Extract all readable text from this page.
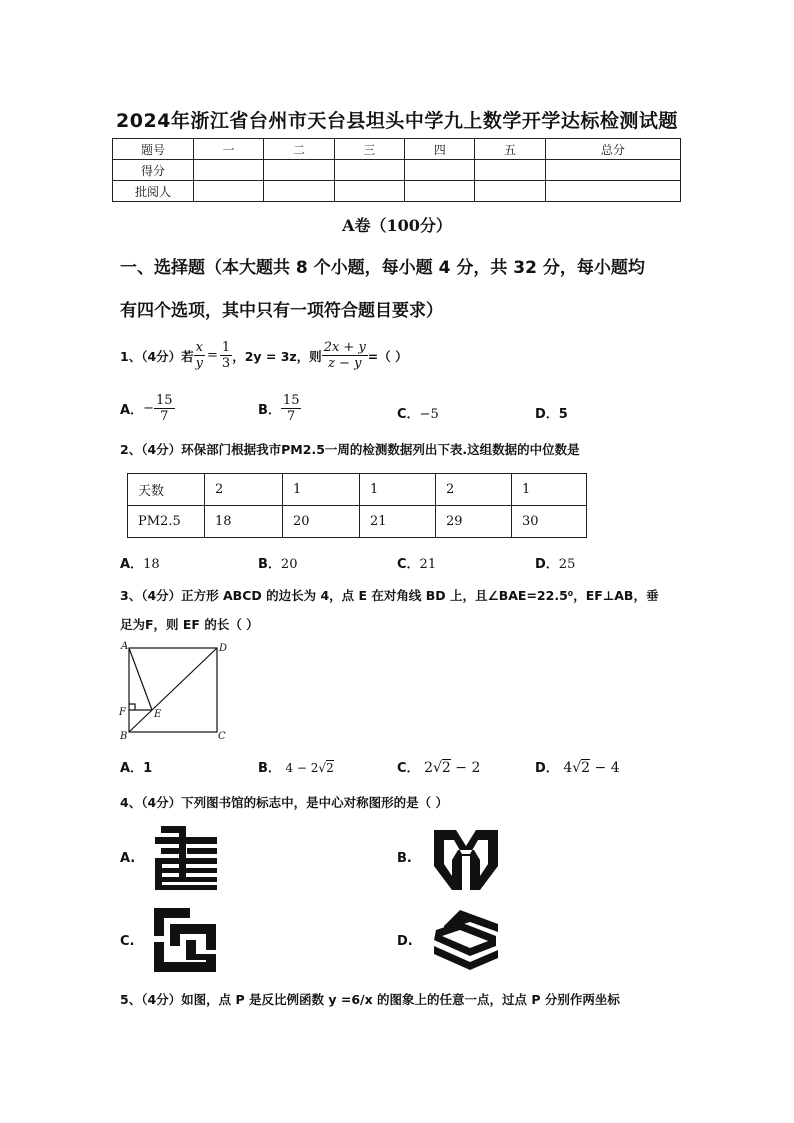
2024年浙江省台州市天台县坦头中学九上数学开学达标检测试题
题号	一	二	三	四	五	总分
得分						
批阅人						
A卷（100分）
一、选择题（本大题共 8 个小题，每小题 4 分，共 32 分，每小题均
有四个选项，其中只有一项符合题目要求）
1、（4分）若 $\frac{x}{y} = \frac{1}{3}$ ，2y = 3z，则 $\frac{2x + y}{z - y}$ =（ ）
A． − $\frac{15}{7}$	B． $\frac{15}{7}$	C．−5	D．5
2、（4分）环保部门根据我市PM2.5一周的检测数据列出下表.这组数据的中位数是
天数	2	1	1	2	1
PM2.5	18	20	21	29	30
A．18	B．20	C．21	D．25
3、（4分）正方形 ABCD 的边长为 4，点 E 在对角线 BD 上，且∠BAE=22.5⁰，EF⊥AB，垂
足为F，则 EF 的长（ ）
A	D
F	E
B	C
A．1	B． 4 − 2√2	C． 2√2 − 2	D． 4√2 − 4
4、（4分）下列图书馆的标志中，是中心对称图形的是（ ）
A.	B.
C.	D.
5、（4分）如图，点 P 是反比例函数 y =6/x 的图象上的任意一点，过点 P 分别作两坐标
